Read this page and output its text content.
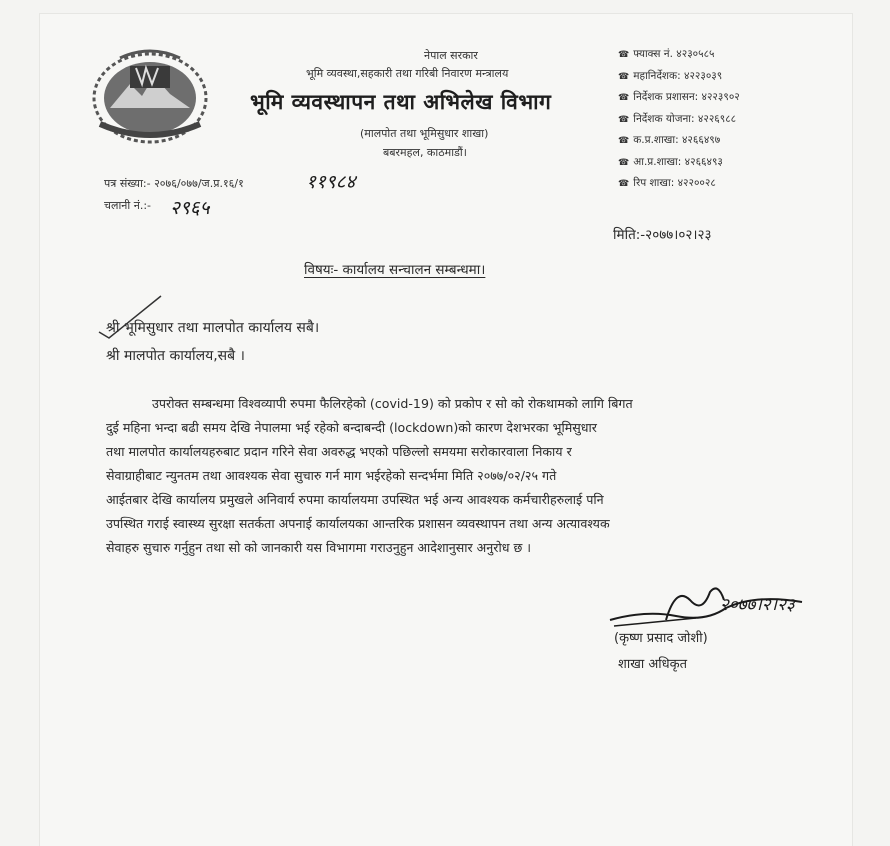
नेपाल सरकार
भूमि व्यवस्था,सहकारी तथा गरिबी निवारण मन्त्रालय
भूमि व्यवस्थापन तथा अभिलेख विभाग
(मालपोत तथा भूमिसुधार शाखा)
बबरमहल, काठमाडौं।
☎ फ्याक्स नं. ४२३०५८५
☎ महानिर्देशक: ४२२३०३९
☎ निर्देशक प्रशासन: ४२२३९०२
☎ निर्देशक योजना: ४२२६९८८
☎ क.प्र.शाखा: ४२६६४९७
☎ आ.प्र.शाखा: ४२६६४९३
☎ रिप शाखा: ४२२००२८
पत्र संख्या:- २०७६/०७७/ज.प्र.१६/१	११९८४
चलानी नं.:- २९६५
मिति:-२०७७।०२।२३
विषयः- कार्यालय सन्चालन सम्बन्धमा।
श्री भूमिसुधार तथा मालपोत कार्यालय सबै।
श्री मालपोत कार्यालय,सबै ।
उपरोक्त सम्बन्धमा विश्वव्यापी रुपमा फैलिरहेको (covid-19) को प्रकोप र सो को रोकथामको लागि बिगत
दुई महिना भन्दा बढी समय देखि नेपालमा भई रहेको बन्दाबन्दी (lockdown)को कारण देशभरका भूमिसुधार
तथा मालपोत कार्यालयहरुबाट प्रदान गरिने सेवा अवरुद्ध भएको पछिल्लो समयमा सरोकारवाला निकाय र
सेवाग्राहीबाट न्युनतम तथा आवश्यक सेवा सुचारु गर्न माग भईरहेको सन्दर्भमा मिति २०७७/०२/२५ गते
आईतबार देखि कार्यालय प्रमुखले अनिवार्य रुपमा कार्यालयमा उपस्थित भई अन्य आवश्यक कर्मचारीहरुलाई पनि
उपस्थित गराई स्वास्थ्य सुरक्षा सतर्कता अपनाई कार्यालयका आन्तरिक प्रशासन व्यवस्थापन तथा अन्य अत्यावश्यक
सेवाहरु सुचारु गर्नुहुन तथा सो को जानकारी यस विभागमा गराउनुहुन आदेशानुसार अनुरोध छ ।
२०७७।२।२३
(कृष्ण प्रसाद जोशी)
शाखा अधिकृत
